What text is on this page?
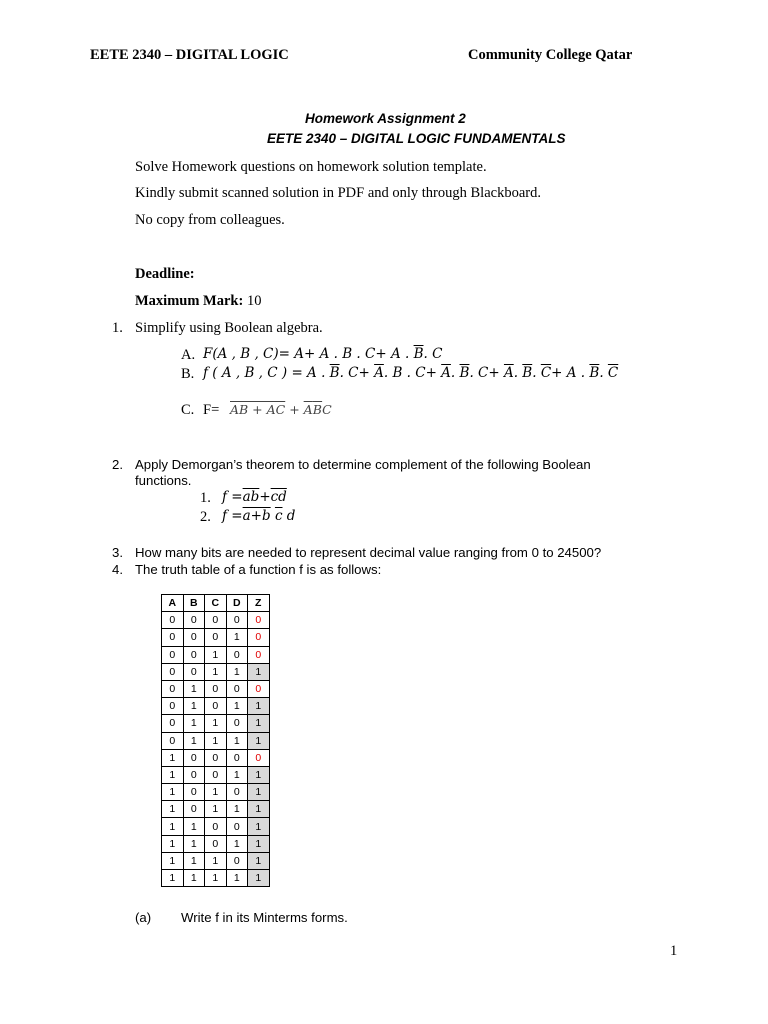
EETE 2340 – DIGITAL LOGIC	Community College Qatar
Homework Assignment 2
EETE 2340 – DIGITAL LOGIC FUNDAMENTALS
Solve Homework questions on homework solution template.
Kindly submit scanned solution in PDF and only through Blackboard.
No copy from colleagues.
Deadline:
Maximum Mark: 10
1. Simplify using Boolean algebra.
A. F(A , B , C)= A+ A . B . C+ A . $\overline{B}$. C
B. f ( A , B , C ) = A . $\overline{B}$. $C+ \overline{A}$. B . $C+ \overline{A}$. $\overline{B}$. $C+ \overline{A}$. $\overline{B}$. $\overline{C}+ A$ . $\overline{B}$. $\overline{C}$
C. F= AB + AC + $\overline{A}\overline{B}C$
2. Apply Demorgan’s theorem to determine complement of the following Boolean
functions.
1. $f =\overline{ab}+\overline{cd}$
2. $f =a+\overline{b}$ $\overline{c}$ d
3. How many bits are needed to represent decimal value ranging from 0 to 24500?
4. The truth table of a function f is as follows:
A	B	C	D	Z
0	0	0	0	0
0	0	0	1	0
0	0	1	0	0
0	0	1	1	1
0	1	0	0	0
0	1	0	1	1
0	1	1	0	1
0	1	1	1	1
1	0	0	0	0
1	0	0	1	1
1	0	1	0	1
1	0	1	1	1
1	1	0	0	1
1	1	0	1	1
1	1	1	0	1
1	1	1	1	1
(a) Write f in its Minterms forms.
1
